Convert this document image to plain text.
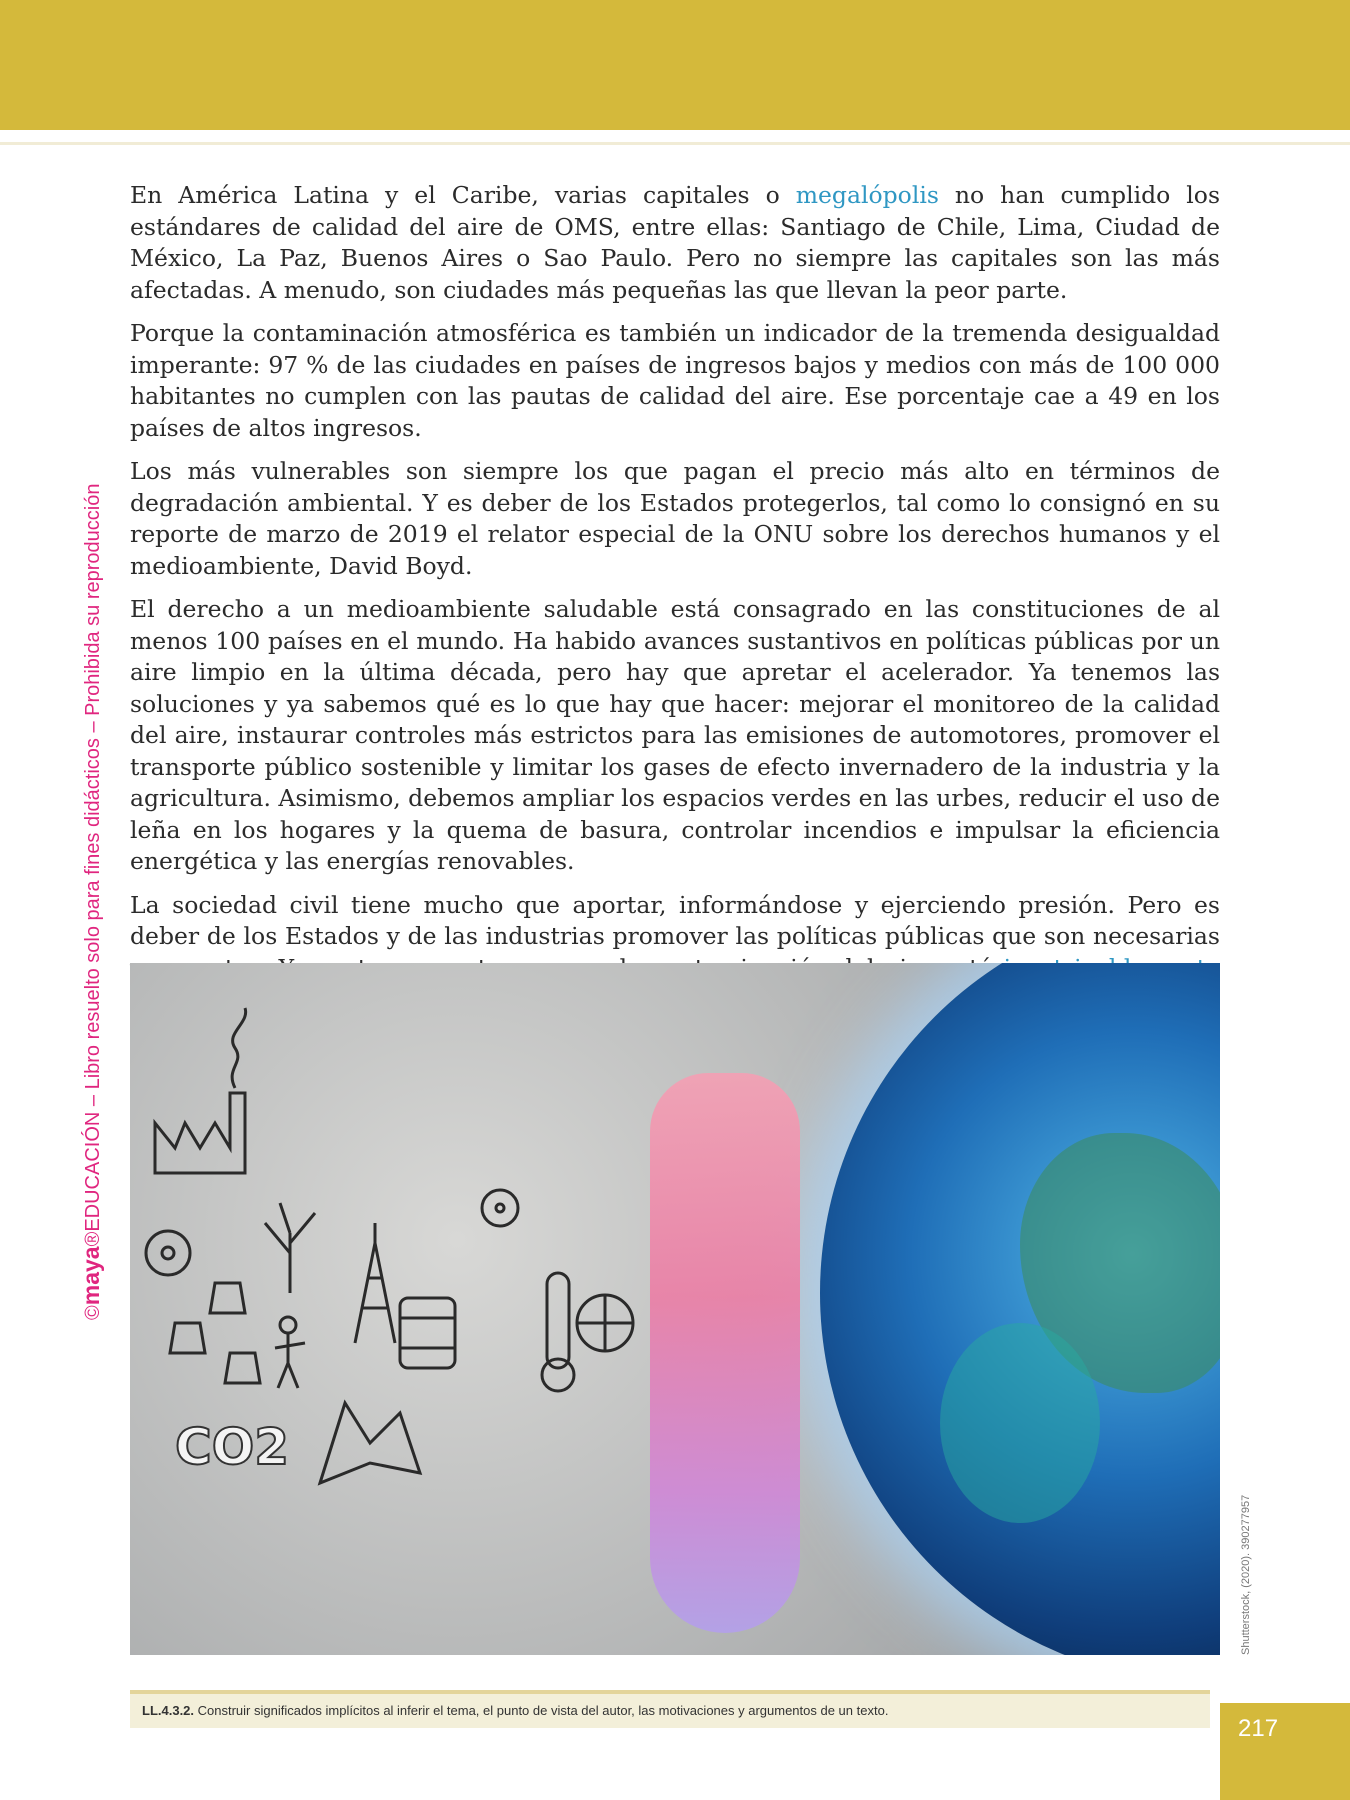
©maya®EDUCACIÓN – Libro resuelto solo para fines didácticos – Prohibida su reproducción

En América Latina y el Caribe, varias capitales o megalópolis no han cumplido los estándares de calidad del aire de OMS, entre ellas: Santiago de Chile, Lima, Ciudad de México, La Paz, Buenos Aires o Sao Paulo. Pero no siempre las capitales son las más afectadas. A menudo, son ciudades más pequeñas las que llevan la peor parte.

Porque la contaminación atmosférica es también un indicador de la tremenda desigualdad imperante: 97 % de las ciudades en países de ingresos bajos y medios con más de 100 000 habitantes no cumplen con las pautas de calidad del aire. Ese porcentaje cae a 49 en los países de altos ingresos.

Los más vulnerables son siempre los que pagan el precio más alto en términos de degradación ambiental. Y es deber de los Estados protegerlos, tal como lo consignó en su reporte de marzo de 2019 el relator especial de la ONU sobre los derechos humanos y el medioambiente, David Boyd.

El derecho a un medioambiente saludable está consagrado en las constituciones de al menos 100 países en el mundo. Ha habido avances sustantivos en políticas públicas por un aire limpio en la última década, pero hay que apretar el acelerador. Ya tenemos las soluciones y ya sabemos qué es lo que hay que hacer: mejorar el monitoreo de la calidad del aire, instaurar controles más estrictos para las emisiones de automotores, promover el transporte público sostenible y limitar los gases de efecto invernadero de la industria y la agricultura. Asimismo, debemos ampliar los espacios verdes en las urbes, reducir el uso de leña en los hogares y la quema de basura, controlar incendios e impulsar la eficiencia energética y las energías renovables.

La sociedad civil tiene mucho que aportar, informándose y ejerciendo presión. Pero es deber de los Estados y de las industrias promover las políticas públicas que son necesarias

CO2
Shutterstock, (2020). 390277957
LL.4.3.2. Construir significados implícitos al inferir el tema, el punto de vista del autor, las motivaciones y argumentos de un texto.
217
